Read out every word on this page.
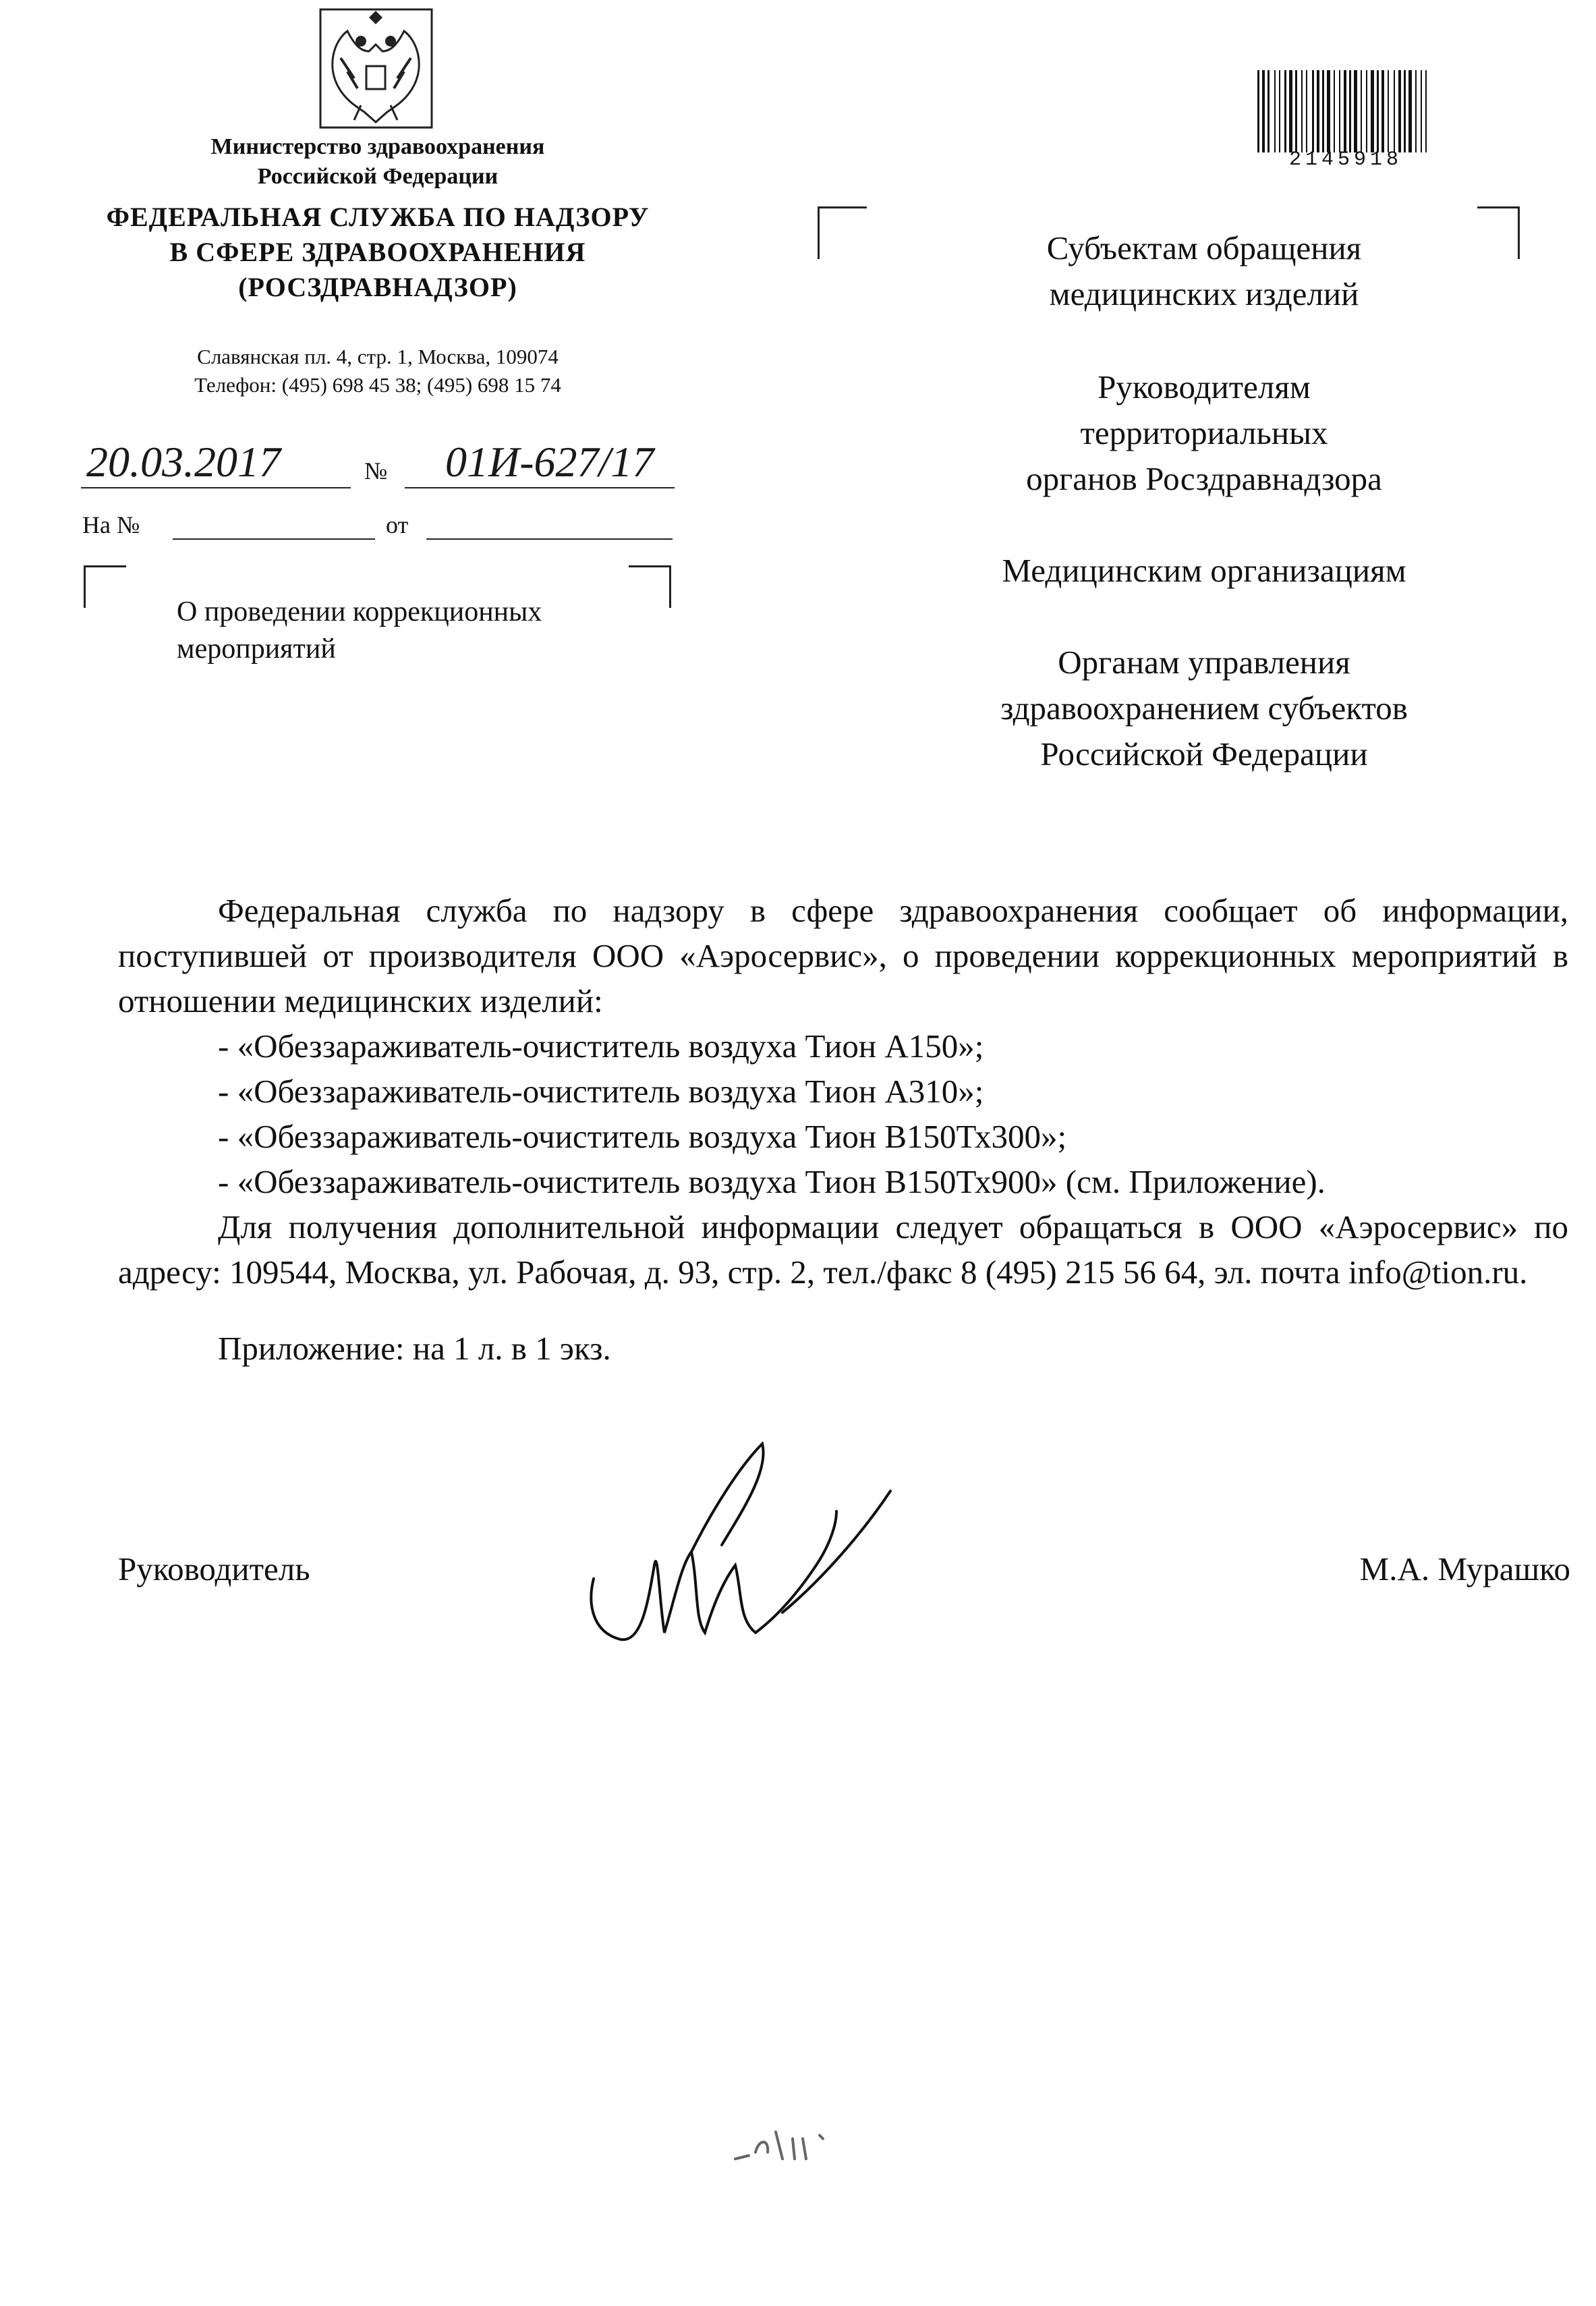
Министерство здравоохранения
Российской Федерации
ФЕДЕРАЛЬНАЯ СЛУЖБА ПО НАДЗОРУ
В СФЕРЕ ЗДРАВООХРАНЕНИЯ
(РОСЗДРАВНАДЗОР)
Славянская пл. 4, стр. 1, Москва, 109074
Телефон: (495) 698 45 38; (495) 698 15 74
20.03.2017	№ 01И-627/17
На №	от
О проведении коррекционных
мероприятий
2145918
Субъектам обращения
медицинских изделий
Руководителям
территориальных
органов Росздравнадзора
Медицинским организациям
Органам управления
здравоохранением субъектов
Российской Федерации

Федеральная служба по надзору в сфере здравоохранения сообщает об информации, поступившей от производителя ООО «Аэросервис», о проведении коррекционных мероприятий в отношении медицинских изделий:

- «Обеззараживатель-очиститель воздуха Тион А150»;

- «Обеззараживатель-очиститель воздуха Тион А310»;

- «Обеззараживатель-очиститель воздуха Тион В150Тх300»;

- «Обеззараживатель-очиститель воздуха Тион В150Тх900» (см. Приложение).

Для получения дополнительной информации следует обращаться в ООО «Аэросервис» по адресу: 109544, Москва, ул. Рабочая, д. 93, стр. 2, тел./факс 8 (495) 215 56 64, эл. почта info@tion.ru.

Приложение: на 1 л. в 1 экз.

Руководитель	М.А. Мурашко
